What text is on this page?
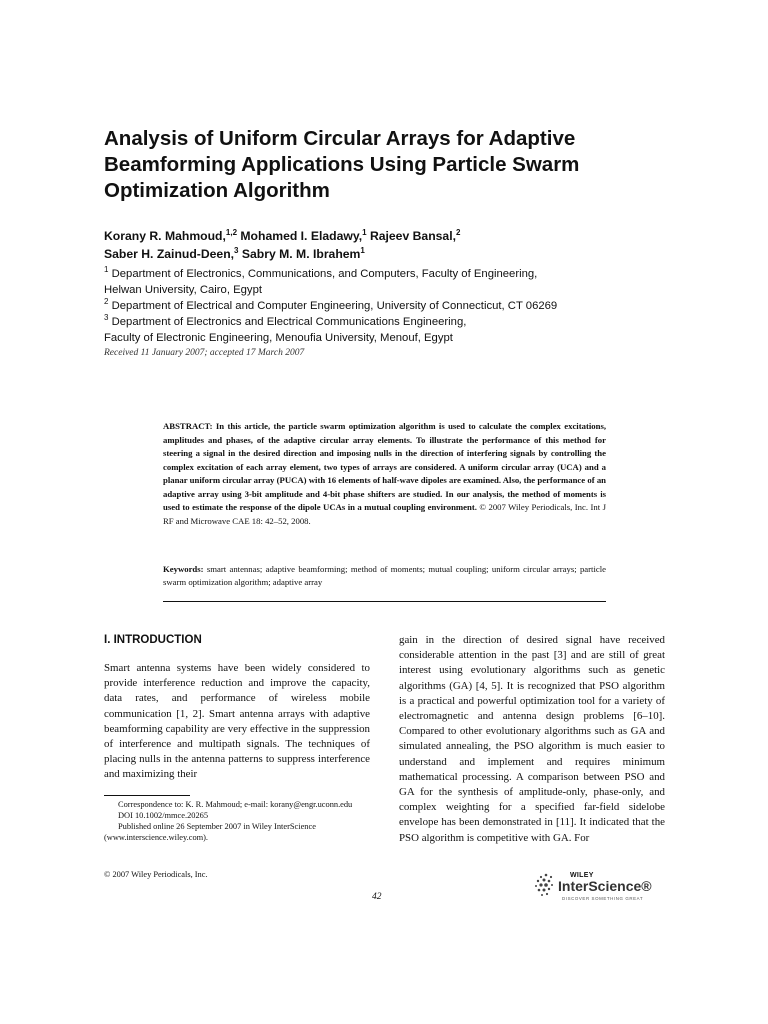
Analysis of Uniform Circular Arrays for Adaptive
Beamforming Applications Using Particle Swarm
Optimization Algorithm
Korany R. Mahmoud,$^{1,2}$ Mohamed I. Eladawy,$^1$ Rajeev Bansal,$^2$
Saber H. Zainud-Deen,$^3$ Sabry M. M. Ibrahem$^1$
$^1$ Department of Electronics, Communications, and Computers, Faculty of Engineering,
Helwan University, Cairo, Egypt
$^2$ Department of Electrical and Computer Engineering, University of Connecticut, CT 06269
$^3$ Department of Electronics and Electrical Communications Engineering,
Faculty of Electronic Engineering, Menoufia University, Menouf, Egypt
Received 11 January 2007; accepted 17 March 2007
ABSTRACT: In this article, the particle swarm optimization algorithm is used to calculate the complex excitations, amplitudes and phases, of the adaptive circular array elements. To illustrate the performance of this method for steering a signal in the desired direction and imposing nulls in the direction of interfering signals by controlling the complex excitation of each array element, two types of arrays are considered. A uniform circular array (UCA) and a planar uniform circular array (PUCA) with 16 elements of half-wave dipoles are examined. Also, the performance of an adaptive array using 3-bit amplitude and 4-bit phase shifters are studied. In our analysis, the method of moments is used to estimate the response of the dipole UCAs in a mutual coupling environment. © 2007 Wiley Periodicals, Inc. Int J RF and Microwave CAE 18: 42–52, 2008.
Keywords: smart antennas; adaptive beamforming; method of moments; mutual coupling; uniform circular arrays; particle swarm optimization algorithm; adaptive array
I. INTRODUCTION
Smart antenna systems have been widely considered to provide interference reduction and improve the capacity, data rates, and performance of wireless mobile communication [1, 2]. Smart antenna arrays with adaptive beamforming capability are very effective in the suppression of interference and multipath signals. The techniques of placing nulls in the antenna patterns to suppress interference and maximizing their
gain in the direction of desired signal have received considerable attention in the past [3] and are still of great interest using evolutionary algorithms such as genetic algorithms (GA) [4, 5]. It is recognized that PSO algorithm is a practical and powerful optimization tool for a variety of electromagnetic and antenna design problems [6–10]. Compared to other evolutionary algorithms such as GA and simulated annealing, the PSO algorithm is much easier to understand and implement and requires minimum mathematical processing. A comparison between PSO and GA for the synthesis of amplitude-only, phase-only, and complex weighting for a specified far-field sidelobe envelope has been demonstrated in [11]. It indicated that the PSO algorithm is competitive with GA. For
Correspondence to: K. R. Mahmoud; e-mail: korany@engr.uconn.edu
DOI 10.1002/mmce.20265
Published online 26 September 2007 in Wiley InterScience (www.interscience.wiley.com).
© 2007 Wiley Periodicals, Inc.
42
WILEY
InterScience®
DISCOVER SOMETHING GREAT
